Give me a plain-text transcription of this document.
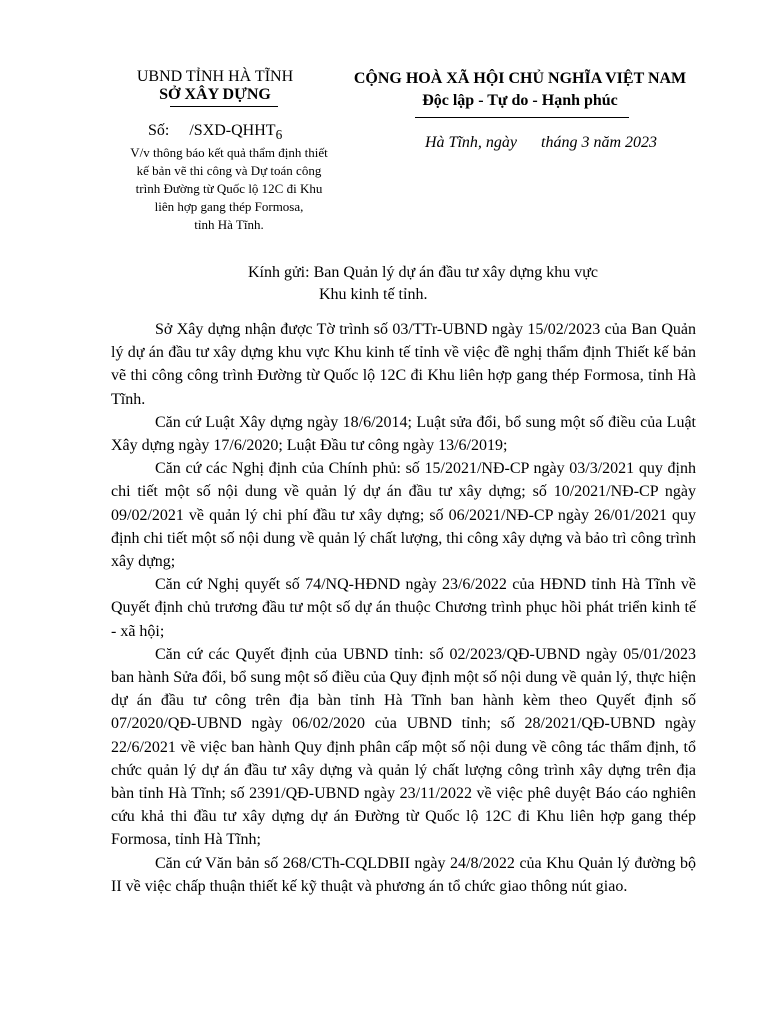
UBND TỈNH HÀ TĨNH
SỞ XÂY DỰNG
CỘNG HOÀ XÃ HỘI CHỦ NGHĨA VIỆT NAM
Độc lập - Tự do - Hạnh phúc
Số: $/SXD-QHHT_6$
V/v thông báo kết quả thẩm định thiết
kế bản vẽ thi công và Dự toán công
trình Đường từ Quốc lộ 12C đi Khu
liên hợp gang thép Formosa,
tỉnh Hà Tĩnh.
Hà Tĩnh, ngày      tháng 3 năm 2023
Kính gửi: Ban Quản lý dự án đầu tư xây dựng khu vực
Khu kinh tế tỉnh.

Sở Xây dựng nhận được Tờ trình số 03/TTr-UBND ngày 15/02/2023 của Ban Quản lý dự án đầu tư xây dựng khu vực Khu kinh tế tỉnh về việc đề nghị thẩm định Thiết kế bản vẽ thi công công trình Đường từ Quốc lộ 12C đi Khu liên hợp gang thép Formosa, tỉnh Hà Tĩnh.

Căn cứ Luật Xây dựng ngày 18/6/2014; Luật sửa đổi, bổ sung một số điều của Luật Xây dựng ngày 17/6/2020; Luật Đầu tư công ngày 13/6/2019;

Căn cứ các Nghị định của Chính phủ: số 15/2021/NĐ-CP ngày 03/3/2021 quy định chi tiết một số nội dung về quản lý dự án đầu tư xây dựng; số 10/2021/NĐ-CP ngày 09/02/2021 về quản lý chi phí đầu tư xây dựng; số 06/2021/NĐ-CP ngày 26/01/2021 quy định chi tiết một số nội dung về quản lý chất lượng, thi công xây dựng và bảo trì công trình xây dựng;

Căn cứ Nghị quyết số 74/NQ-HĐND ngày 23/6/2022 của HĐND tỉnh Hà Tĩnh về Quyết định chủ trương đầu tư một số dự án thuộc Chương trình phục hồi phát triển kinh tế - xã hội;

Căn cứ các Quyết định của UBND tỉnh: số 02/2023/QĐ-UBND ngày 05/01/2023 ban hành Sửa đổi, bổ sung một số điều của Quy định một số nội dung về quản lý, thực hiện dự án đầu tư công trên địa bàn tỉnh Hà Tĩnh ban hành kèm theo Quyết định số 07/2020/QĐ-UBND ngày 06/02/2020 của UBND tỉnh; số 28/2021/QĐ-UBND ngày 22/6/2021 về việc ban hành Quy định phân cấp một số nội dung về công tác thẩm định, tổ chức quản lý dự án đầu tư xây dựng và quản lý chất lượng công trình xây dựng trên địa bàn tỉnh Hà Tĩnh; số 2391/QĐ-UBND ngày 23/11/2022 về việc phê duyệt Báo cáo nghiên cứu khả thi đầu tư xây dựng dự án Đường từ Quốc lộ 12C đi Khu liên hợp gang thép Formosa, tỉnh Hà Tĩnh;

Căn cứ Văn bản số 268/CTh-CQLDBII ngày 24/8/2022 của Khu Quản lý đường bộ II về việc chấp thuận thiết kế kỹ thuật và phương án tổ chức giao thông nút giao.
